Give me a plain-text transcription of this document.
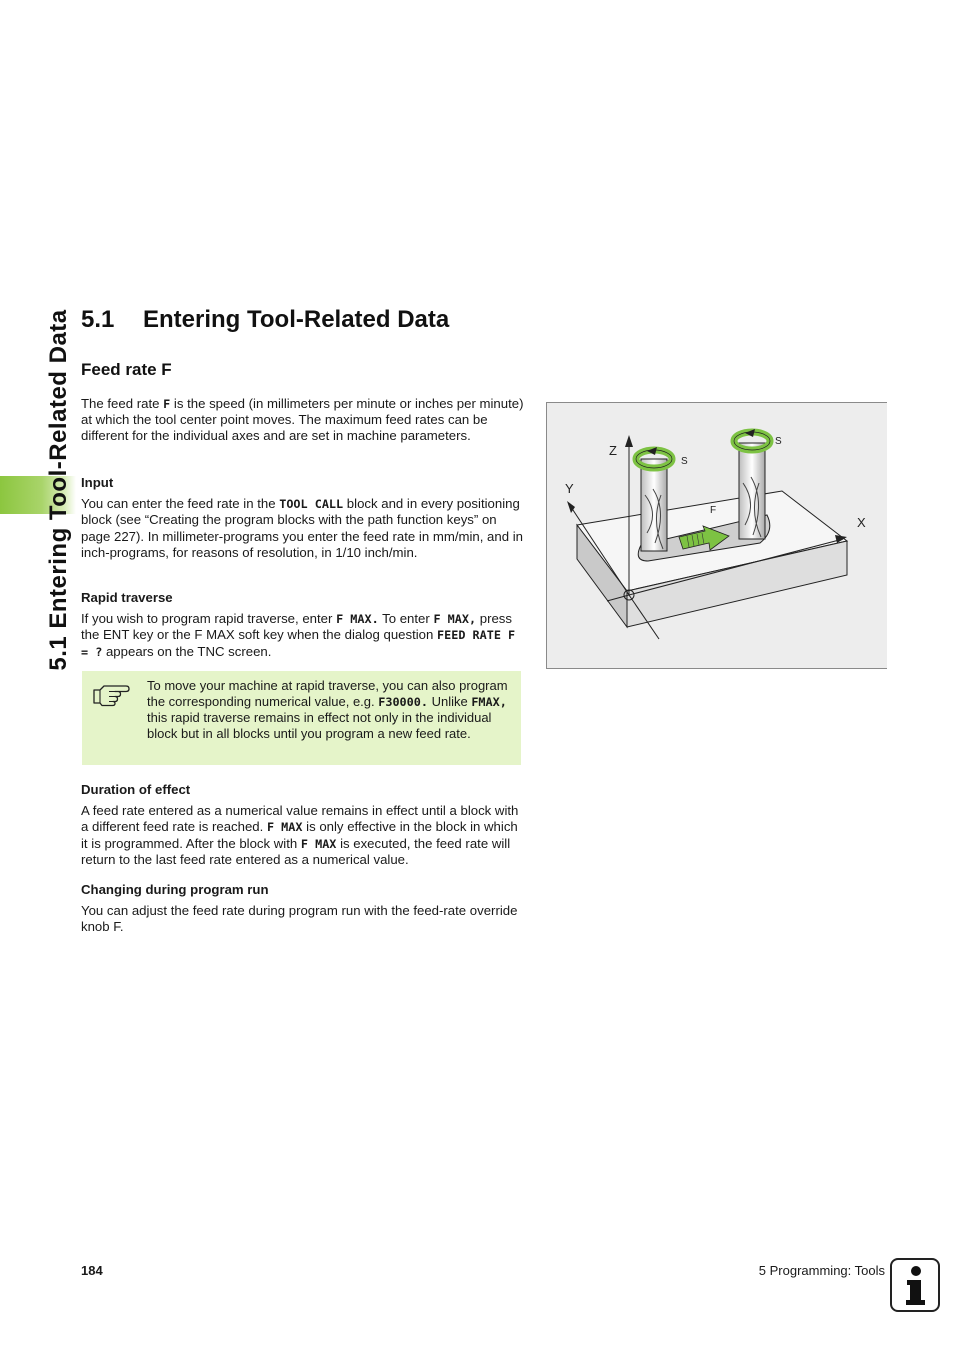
5.1 Entering Tool-Related Data 5.1 Entering Tool-Related Data
Feed rate F

The feed rate F is the speed (in millimeters per minute or inches per minute) at which the tool center point moves. The maximum feed rates can be different for the individual axes and are set in machine parameters.

Input

You can enter the feed rate in the TOOL CALL block and in every positioning block (see “Creating the program blocks with the path function keys” on page 227). In millimeter-programs you enter the feed rate in mm/min, and in inch-programs, for reasons of resolution, in 1/10 inch/min.

Rapid traverse

If you wish to program rapid traverse, enter F MAX. To enter F MAX, press the ENT key or the F MAX soft key when the dialog question FEED RATE F = ? appears on the TNC screen.

To move your machine at rapid traverse, you can also program the corresponding numerical value, e.g. F30000. Unlike FMAX, this rapid traverse remains in effect not only in the individual block but in all blocks until you program a new feed rate.
Duration of effect

A feed rate entered as a numerical value remains in effect until a block with a different feed rate is reached. F MAX is only effective in the block in which it is programmed. After the block with F MAX is executed, the feed rate will return to the last feed rate entered as a numerical value.

Changing during program run

You can adjust the feed rate during program run with the feed-rate override knob F.

Z
Y
X
S
S
F
184	5 Programming: Tools
